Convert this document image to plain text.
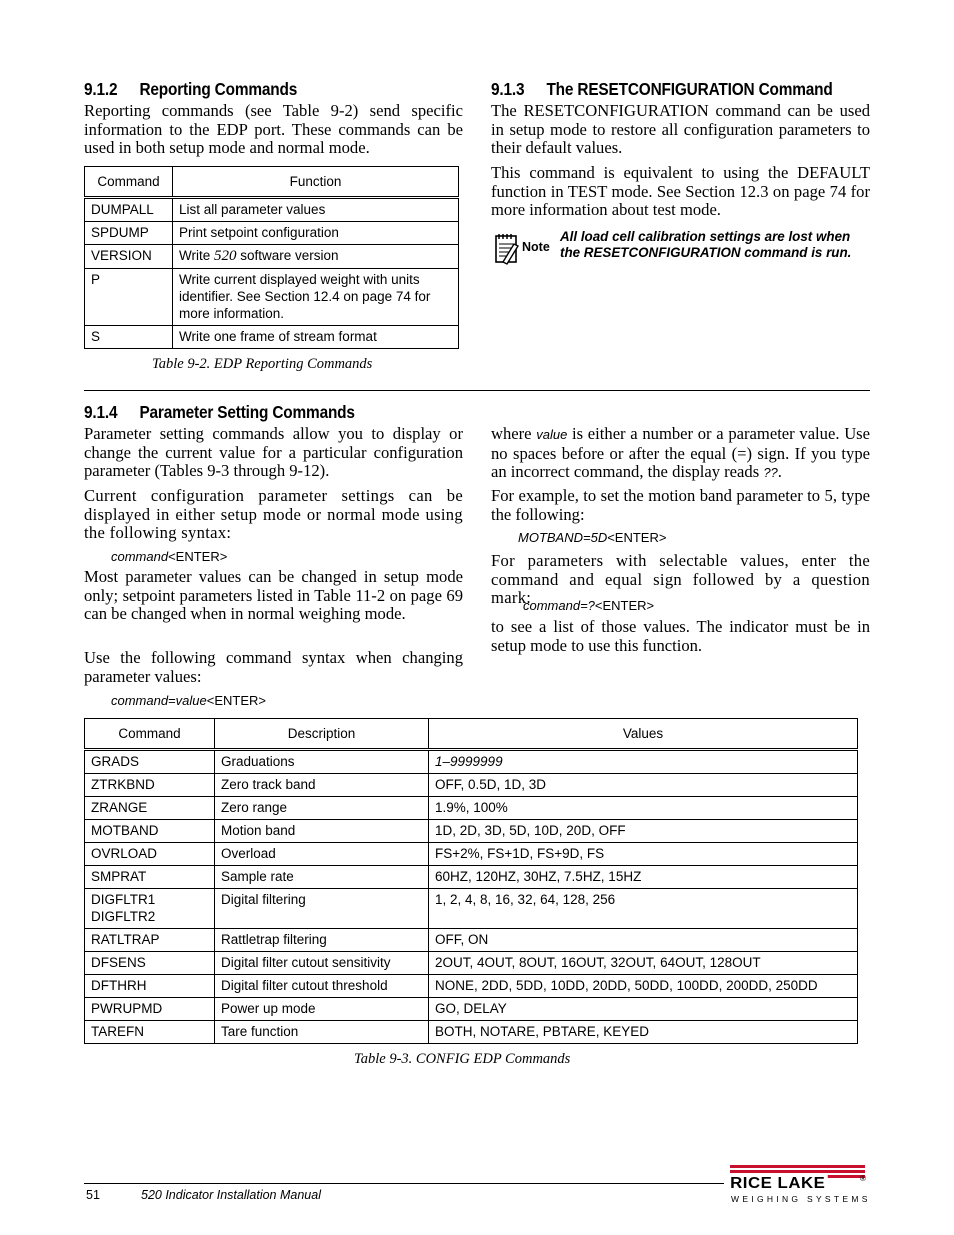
9.1.2 Reporting Commands

Reporting commands (see Table 9-2) send specific information to the EDP port. These commands can be used in both setup mode and normal mode.

Command	Function
DUMPALL	List all parameter values
SPDUMP	Print setpoint configuration
VERSION	Write 520 software version
P	Write current displayed weight with units identifier. See Section 12.4 on page 74 for more information.
S	Write one frame of stream format
Table 9-2. EDP Reporting Commands
9.1.3 The RESETCONFIGURATION Command

The RESETCONFIGURATION command can be used in setup mode to restore all configuration parameters to their default values.

This command is equivalent to using the DEFAULT function in TEST mode. See Section 12.3 on page 74 for more information about test mode.

Note
All load cell calibration settings are lost when the RESETCONFIGURATION command is run.
9.1.4 Parameter Setting Commands

Parameter setting commands allow you to display or change the current value for a particular configuration parameter (Tables 9-3 through 9-12).

Current configuration parameter settings can be displayed in either setup mode or normal mode using the following syntax:

command<ENTER>

Most parameter values can be changed in setup mode only; setpoint parameters listed in Table 11-2 on page 69 can be changed when in normal weighing mode.

Use the following command syntax when changing parameter values:

command=value<ENTER>

where value is either a number or a parameter value. Use no spaces before or after the equal (=) sign. If you type an incorrect command, the display reads ??.

For example, to set the motion band parameter to 5, type the following:

MOTBAND=5D<ENTER>

For parameters with selectable values, enter the command and equal sign followed by a question mark:

command=?<ENTER>

to see a list of those values. The indicator must be in setup mode to use this function.

Command	Description	Values
GRADS	Graduations	1–9999999
ZTRKBND	Zero track band	OFF, 0.5D, 1D, 3D
ZRANGE	Zero range	1.9%, 100%
MOTBAND	Motion band	1D, 2D, 3D, 5D, 10D, 20D, OFF
OVRLOAD	Overload	FS+2%, FS+1D, FS+9D, FS
SMPRAT	Sample rate	60HZ, 120HZ, 30HZ, 7.5HZ, 15HZ

DIGFLTR1
DIGFLTR2	Digital filtering	1, 2, 4, 8, 16, 32, 64, 128, 256
RATLTRAP	Rattletrap filtering	OFF, ON
DFSENS	Digital filter cutout sensitivity	2OUT, 4OUT, 8OUT, 16OUT, 32OUT, 64OUT, 128OUT
DFTHRH	Digital filter cutout threshold	NONE, 2DD, 5DD, 10DD, 20DD, 50DD, 100DD, 200DD, 250DD
PWRUPMD	Power up mode	GO, DELAY
TAREFN	Tare function	BOTH, NOTARE, PBTARE, KEYED
Table 9-3. CONFIG EDP Commands
51	520 Indicator Installation Manual
RICE LAKE	®
WEIGHING SYSTEMS
